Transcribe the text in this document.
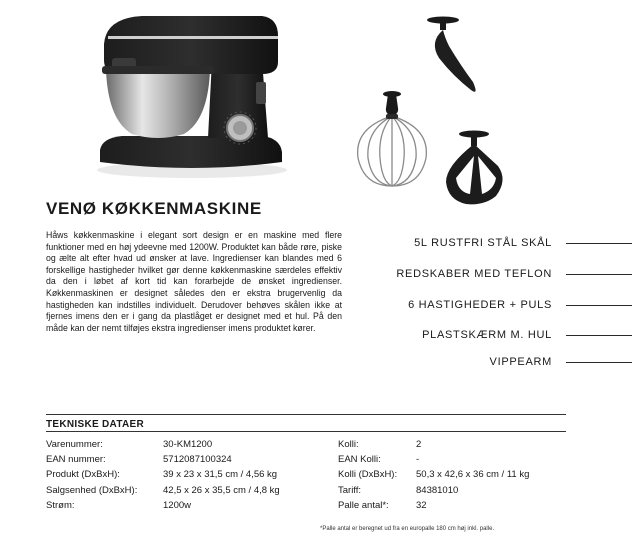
VENØ KØKKENMASKINE

Håws køkkenmaskine i elegant sort design er en maskine med flere funktioner med en høj ydeevne med 1200W. Produktet kan både røre, piske og ælte alt efter hvad ud ønsker at lave. Ingredienser kan blandes med 6 forskellige hastigheder hvilket gør denne køkkenmaskine særdeles effektiv da den i løbet af kort tid kan forarbejde de ønsket ingredienser. Køkkenmaskinen er designet således den er ekstra brugervenlig da hastigheden kan indstilles individuelt. Derudover behøves skålen ikke at fjernes imens den er i gang da plastlåget er designet med et hul. På den måde kan der nemt tilføjes ekstra ingredienser imens produktet kører.

5L RUSTFRI STÅL SKÅL
REDSKABER MED TEFLON
6 HASTIGHEDER + PULS
PLASTSKÆRM M. HUL
VIPPEARM
TEKNISKE DATAER
Varenummer:	30-KM1200
EAN nummer:	5712087100324
Produkt (DxBxH):	39 x 23 x 31,5 cm / 4,56 kg
Salgsenhed (DxBxH):	42,5 x 26 x 35,5 cm / 4,8 kg
Strøm:	1200w
Kolli:	2
EAN Kolli:	-
Kolli (DxBxH): 50,3 x 42,6 x 36 cm / 11 kg
Tariff:	84381010
Palle antal*:	32
*Palle antal er beregnet ud fra en europalle 180 cm høj inkl. palle.
